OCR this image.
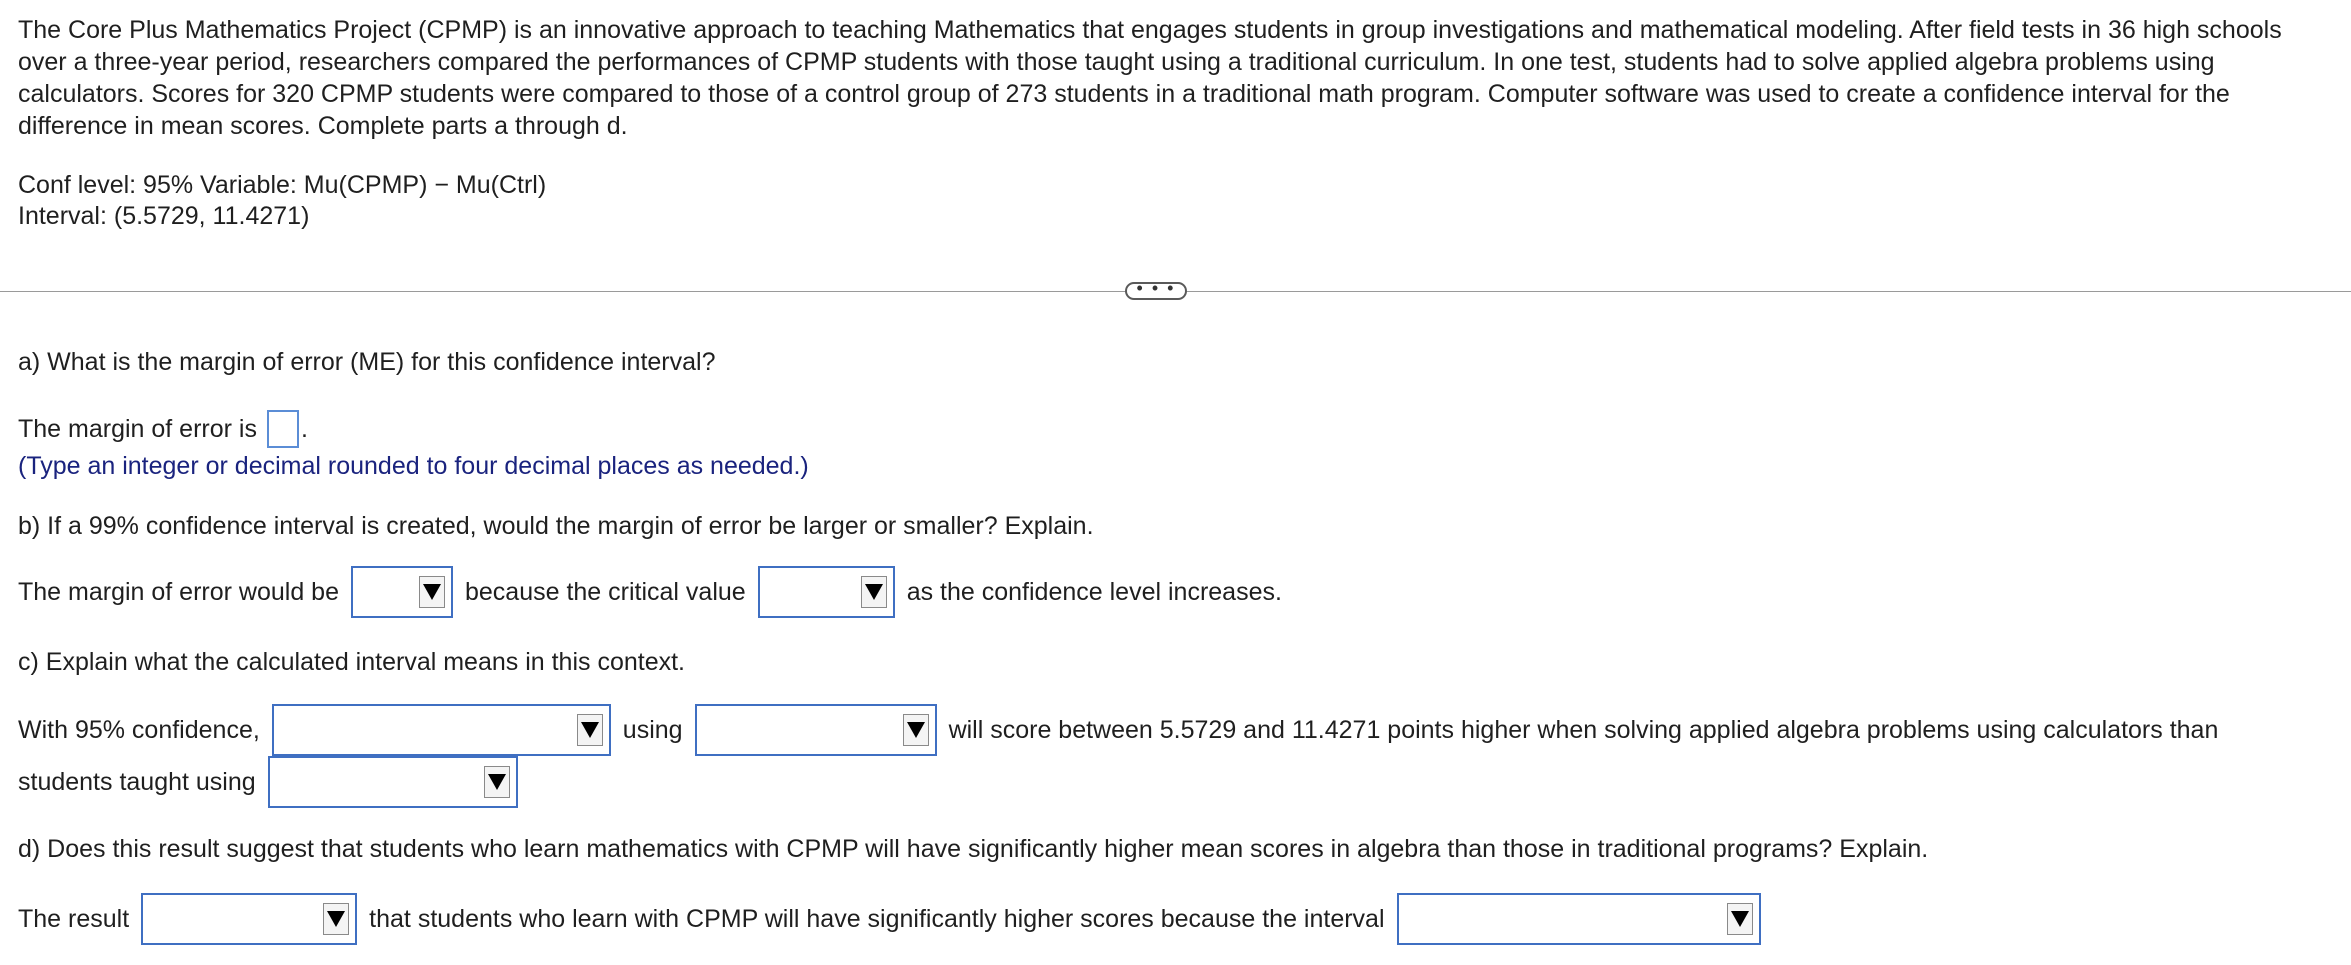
The Core Plus Mathematics Project (CPMP) is an innovative approach to teaching Mathematics that engages students in group investigations and mathematical modeling. After field tests in 36 high schools over a three-year period, researchers compared the performances of CPMP students with those taught using a traditional curriculum. In one test, students had to solve applied algebra problems using calculators. Scores for 320 CPMP students were compared to those of a control group of 273 students in a traditional math program. Computer software was used to create a confidence interval for the difference in mean scores. Complete parts a through d.

Conf level: 95% Variable: Mu(CPMP) − Mu(Ctrl)
Interval: (5.5729, 11.4271)
• • •
a) What is the margin of error (ME) for this confidence interval?
The margin of error is .
(Type an integer or decimal rounded to four decimal places as needed.)
b) If a 99% confidence interval is created, would the margin of error be larger or smaller? Explain.
The margin of error would be	because the critical value	as the confidence level increases.
c) Explain what the calculated interval means in this context.
With 95% confidence,	using	will score between 5.5729 and 11.4271 points higher when solving applied algebra problems using calculators than
students taught using
d) Does this result suggest that students who learn mathematics with CPMP will have significantly higher mean scores in algebra than those in traditional programs? Explain.
The result	that students who learn with CPMP will have significantly higher scores because the interval
